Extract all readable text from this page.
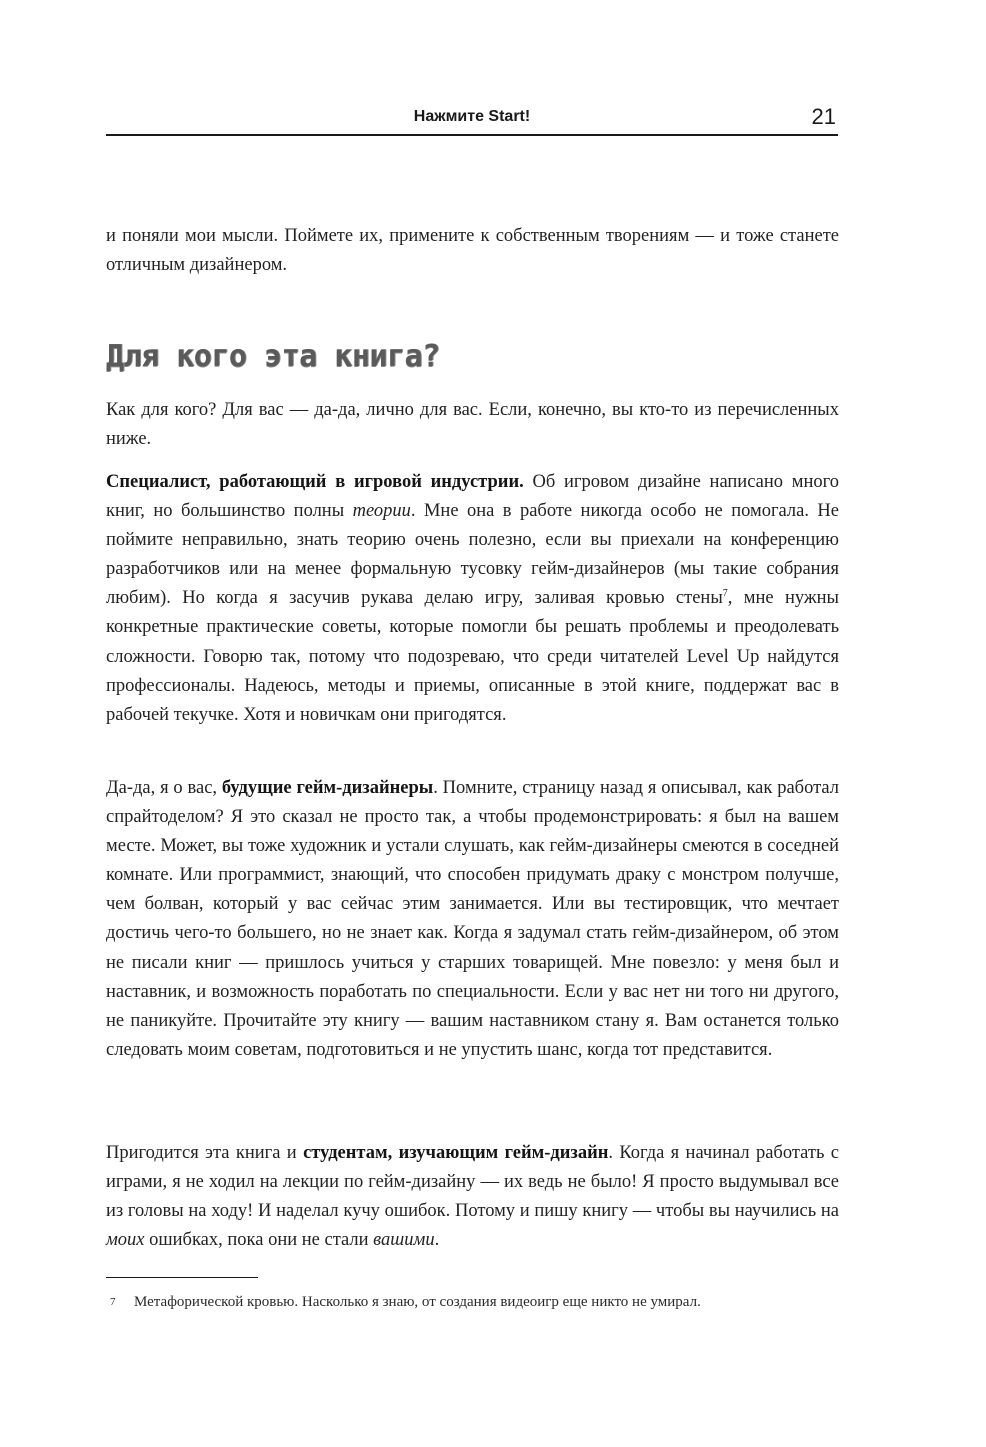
Нажмите Start!	21

и поняли мои мысли. Поймете их, примените к собственным творениям — и тоже станете отличным дизайнером.

Для кого эта книга?

Как для кого? Для вас — да-да, лично для вас. Если, конечно, вы кто-то из перечисленных ниже.

Специалист, работающий в игровой индустрии. Об игровом дизайне написано много книг, но большинство полны теории. Мне она в работе никогда особо не помогала. Не поймите неправильно, знать теорию очень полезно, если вы приехали на конференцию разработчиков или на менее формальную тусовку гейм-дизайнеров (мы такие собрания любим). Но когда я засучив рукава делаю игру, заливая кровью стены$^7$, мне нужны конкретные практические советы, которые помогли бы решать проблемы и преодолевать сложности. Говорю так, потому что подозреваю, что среди читателей Level Up найдутся профессионалы. Надеюсь, методы и приемы, описанные в этой книге, поддержат вас в рабочей текучке. Хотя и новичкам они пригодятся.

Да-да, я о вас, будущие гейм-дизайнеры. Помните, страницу назад я описывал, как работал спрайтоделом? Я это сказал не просто так, а чтобы продемонстрировать: я был на вашем месте. Может, вы тоже художник и устали слушать, как гейм-дизайнеры смеются в соседней комнате. Или программист, знающий, что способен придумать драку с монстром получше, чем болван, который у вас сейчас этим занимается. Или вы тестировщик, что мечтает достичь чего-то большего, но не знает как. Когда я задумал стать гейм-дизайнером, об этом не писали книг — пришлось учиться у старших товарищей. Мне повезло: у меня был и наставник, и возможность поработать по специальности. Если у вас нет ни того ни другого, не паникуйте. Прочитайте эту книгу — вашим наставником стану я. Вам останется только следовать моим советам, подготовиться и не упустить шанс, когда тот представится.

Пригодится эта книга и студентам, изучающим гейм-дизайн. Когда я начинал работать с играми, я не ходил на лекции по гейм-дизайну — их ведь не было! Я просто выдумывал все из головы на ходу! И наделал кучу ошибок. Потому и пишу книгу — чтобы вы научились на моих ошибках, пока они не стали вашими.

7 Метафорической кровью. Насколько я знаю, от создания видеоигр еще никто не умирал.
